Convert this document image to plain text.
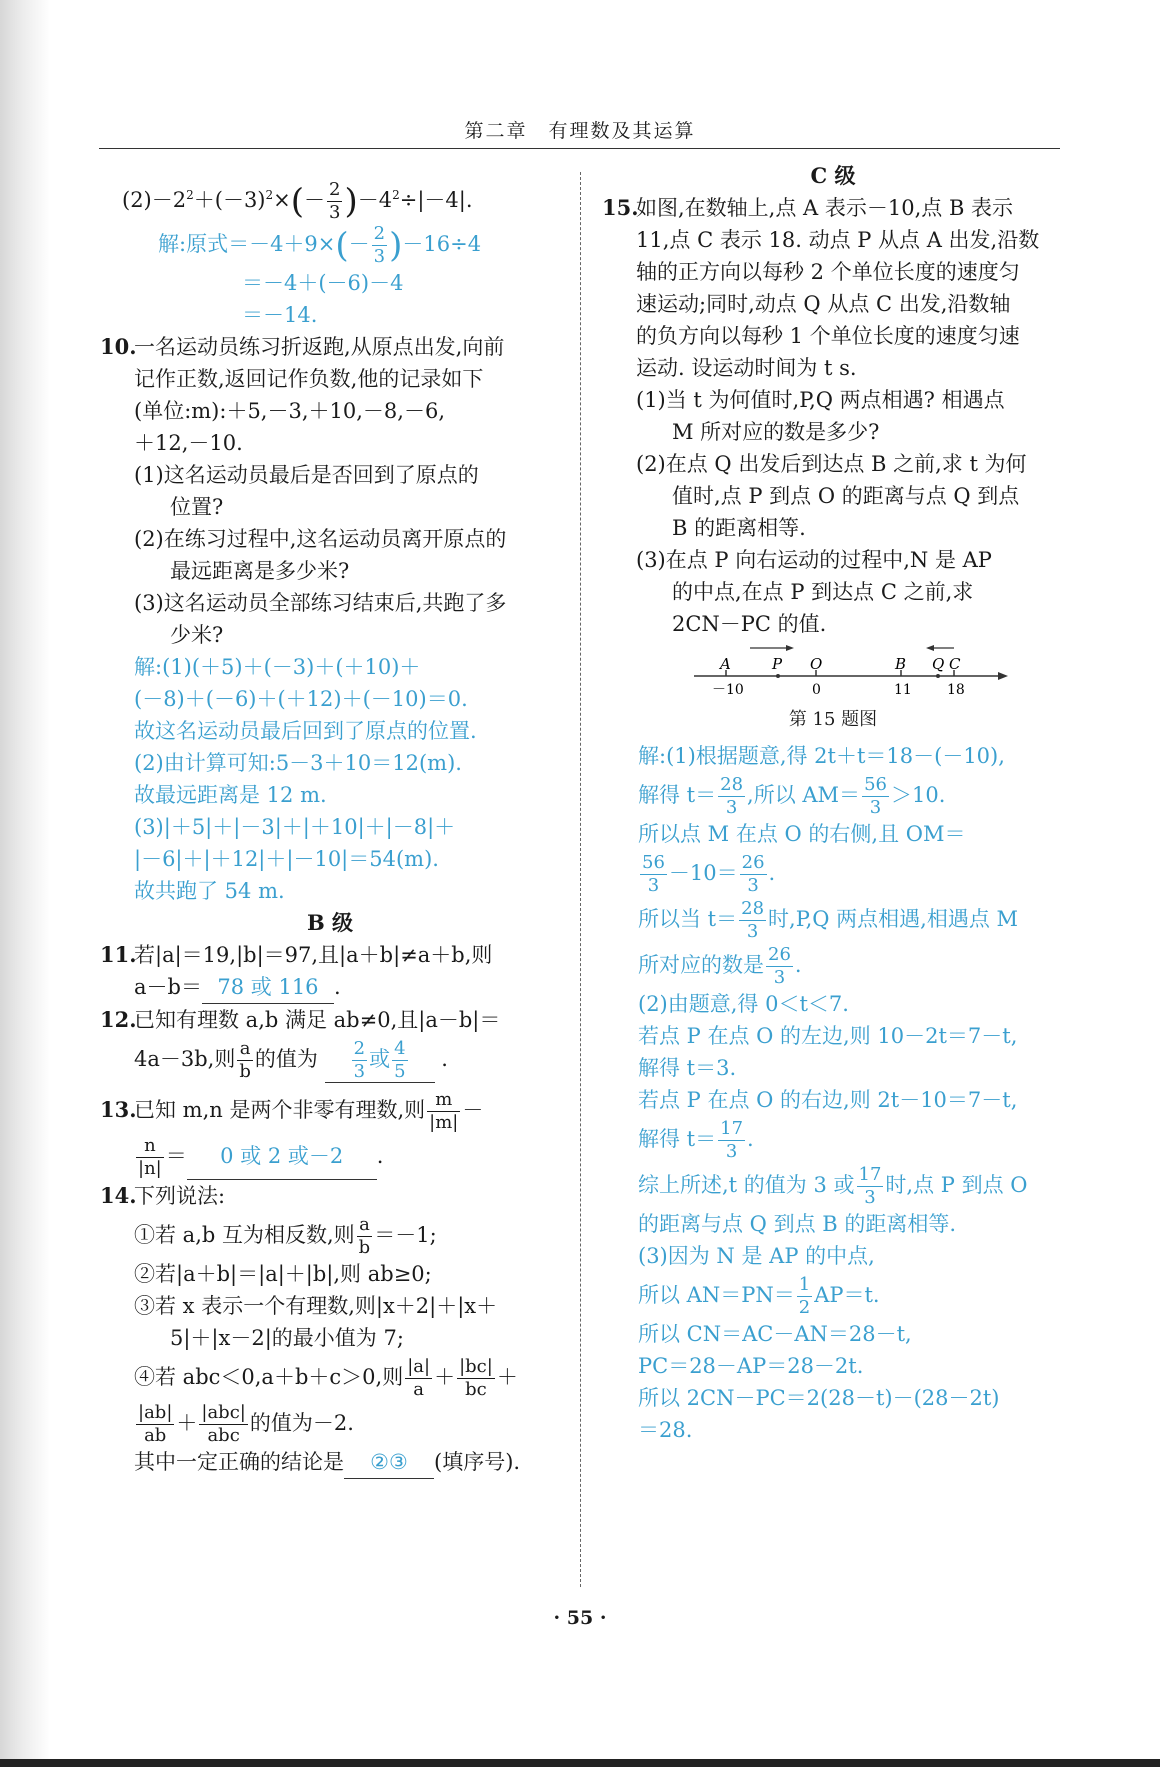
第二章　有理数及其运算
$(2)-2^2+(-3)^2\times(- \frac{2}{3} )-4^2\div|-4|$.
解:原式$=-4+9\times(- \frac{2}{3} )-16\div 4$
＝－4＋(－6)－4
＝－14.
10.一名运动员练习折返跑,从原点出发,向前
记作正数,返回记作负数,他的记录如下
(单位:m):＋5,－3,＋10,－8,－6,
＋12,－10.
(1)这名运动员最后是否回到了原点的
位置?
(2)在练习过程中,这名运动员离开原点的
最远距离是多少米?
(3)这名运动员全部练习结束后,共跑了多
少米?
解:(1)(＋5)＋(－3)＋(＋10)＋
(－8)＋(－6)＋(＋12)＋(－10)＝0.
故这名运动员最后回到了原点的位置.
(2)由计算可知:5－3＋10＝12(m).
故最远距离是 12 m.
(3)|＋5|＋|－3|＋|＋10|＋|－8|＋
|－6|＋|＋12|＋|－10|＝54(m).
故共跑了 54 m.
B 级
11.若|a|＝19,|b|＝97,且|a＋b|≠a＋b,则
a－b＝ 78 或 116 .
12.已知有理数 a,b 满足 ab≠0,且|a－b|＝
4a－3b,则 $\frac{a}{b}$ 的值为 $\frac{2}{3}$ 或 $\frac{4}{5}$ .
13.已知 m,n 是两个非零有理数,则 $\frac{m}{|m|}$ －
$\frac{n}{|n|} = 0$ 或 2 或－2 .
14.下列说法:
①若 a,b 互为相反数,则 $\frac{a}{b} =-1$;
②若|a＋b|＝|a|＋|b|,则 ab≥0;
③若 x 表示一个有理数,则|x＋2|＋|x＋
5|＋|x－2|的最小值为 7;
④若 abc＜0,a＋b＋c＞0,则 $\frac{|a|}{a} + \frac{|bc|}{bc}$ ＋
$\frac{|ab|}{ab} + \frac{\text{|abc|}}{\text{abc}}$ 的值为－2.
其中一定正确的结论是 ②③ (填序号).
C 级
15.如图,在数轴上,点 A 表示－10,点 B 表示
11,点 C 表示 18. 动点 P 从点 A 出发,沿数
轴的正方向以每秒 2 个单位长度的速度匀
速运动;同时,动点 Q 从点 C 出发,沿数轴
的负方向以每秒 1 个单位长度的速度匀速
运动. 设运动时间为 t s.
(1)当 t 为何值时,P,Q 两点相遇? 相遇点
M 所对应的数是多少?
(2)在点 Q 出发后到达点 B 之前,求 t 为何
值时,点 P 到点 O 的距离与点 Q 到点
B 的距离相等.
(3)在点 P 向右运动的过程中,N 是 AP
的中点,在点 P 到达点 C 之前,求
2CN－PC 的值.
A	P O	B Q C
－10	0	11	18
第 15 题图
解:(1)根据题意,得 2t＋t＝18－(－10),
解得 $t= \frac{28}{3}$ ,所以 $AM= \frac{56}{3} >10$.
所以点 M 在点 O 的右侧,且 OM＝
$\frac{56}{3} -10= \frac{26}{3}$ .
所以当 $t= \frac{28}{3}$ 时,P,Q 两点相遇,相遇点 M
所对应的数是 $\frac{26}{3}$ .
(2)由题意,得 0＜t＜7.
若点 P 在点 O 的左边,则 10－2t＝7－t,
解得 t＝3.
若点 P 在点 O 的右边,则 2t－10＝7－t,
解得 $t= \frac{17}{3}$ .
综上所述,t 的值为 3 或 $\frac{17}{3}$ 时,点 P 到点 O
的距离与点 Q 到点 B 的距离相等.
(3)因为 N 是 AP 的中点,
所以 $AN=PN= \frac{1}{2} AP=t$.
所以 CN＝AC－AN＝28－t,
PC＝28－AP＝28－2t.
所以 2CN－PC＝2(28－t)－(28－2t)
＝28.
· 55 ·
